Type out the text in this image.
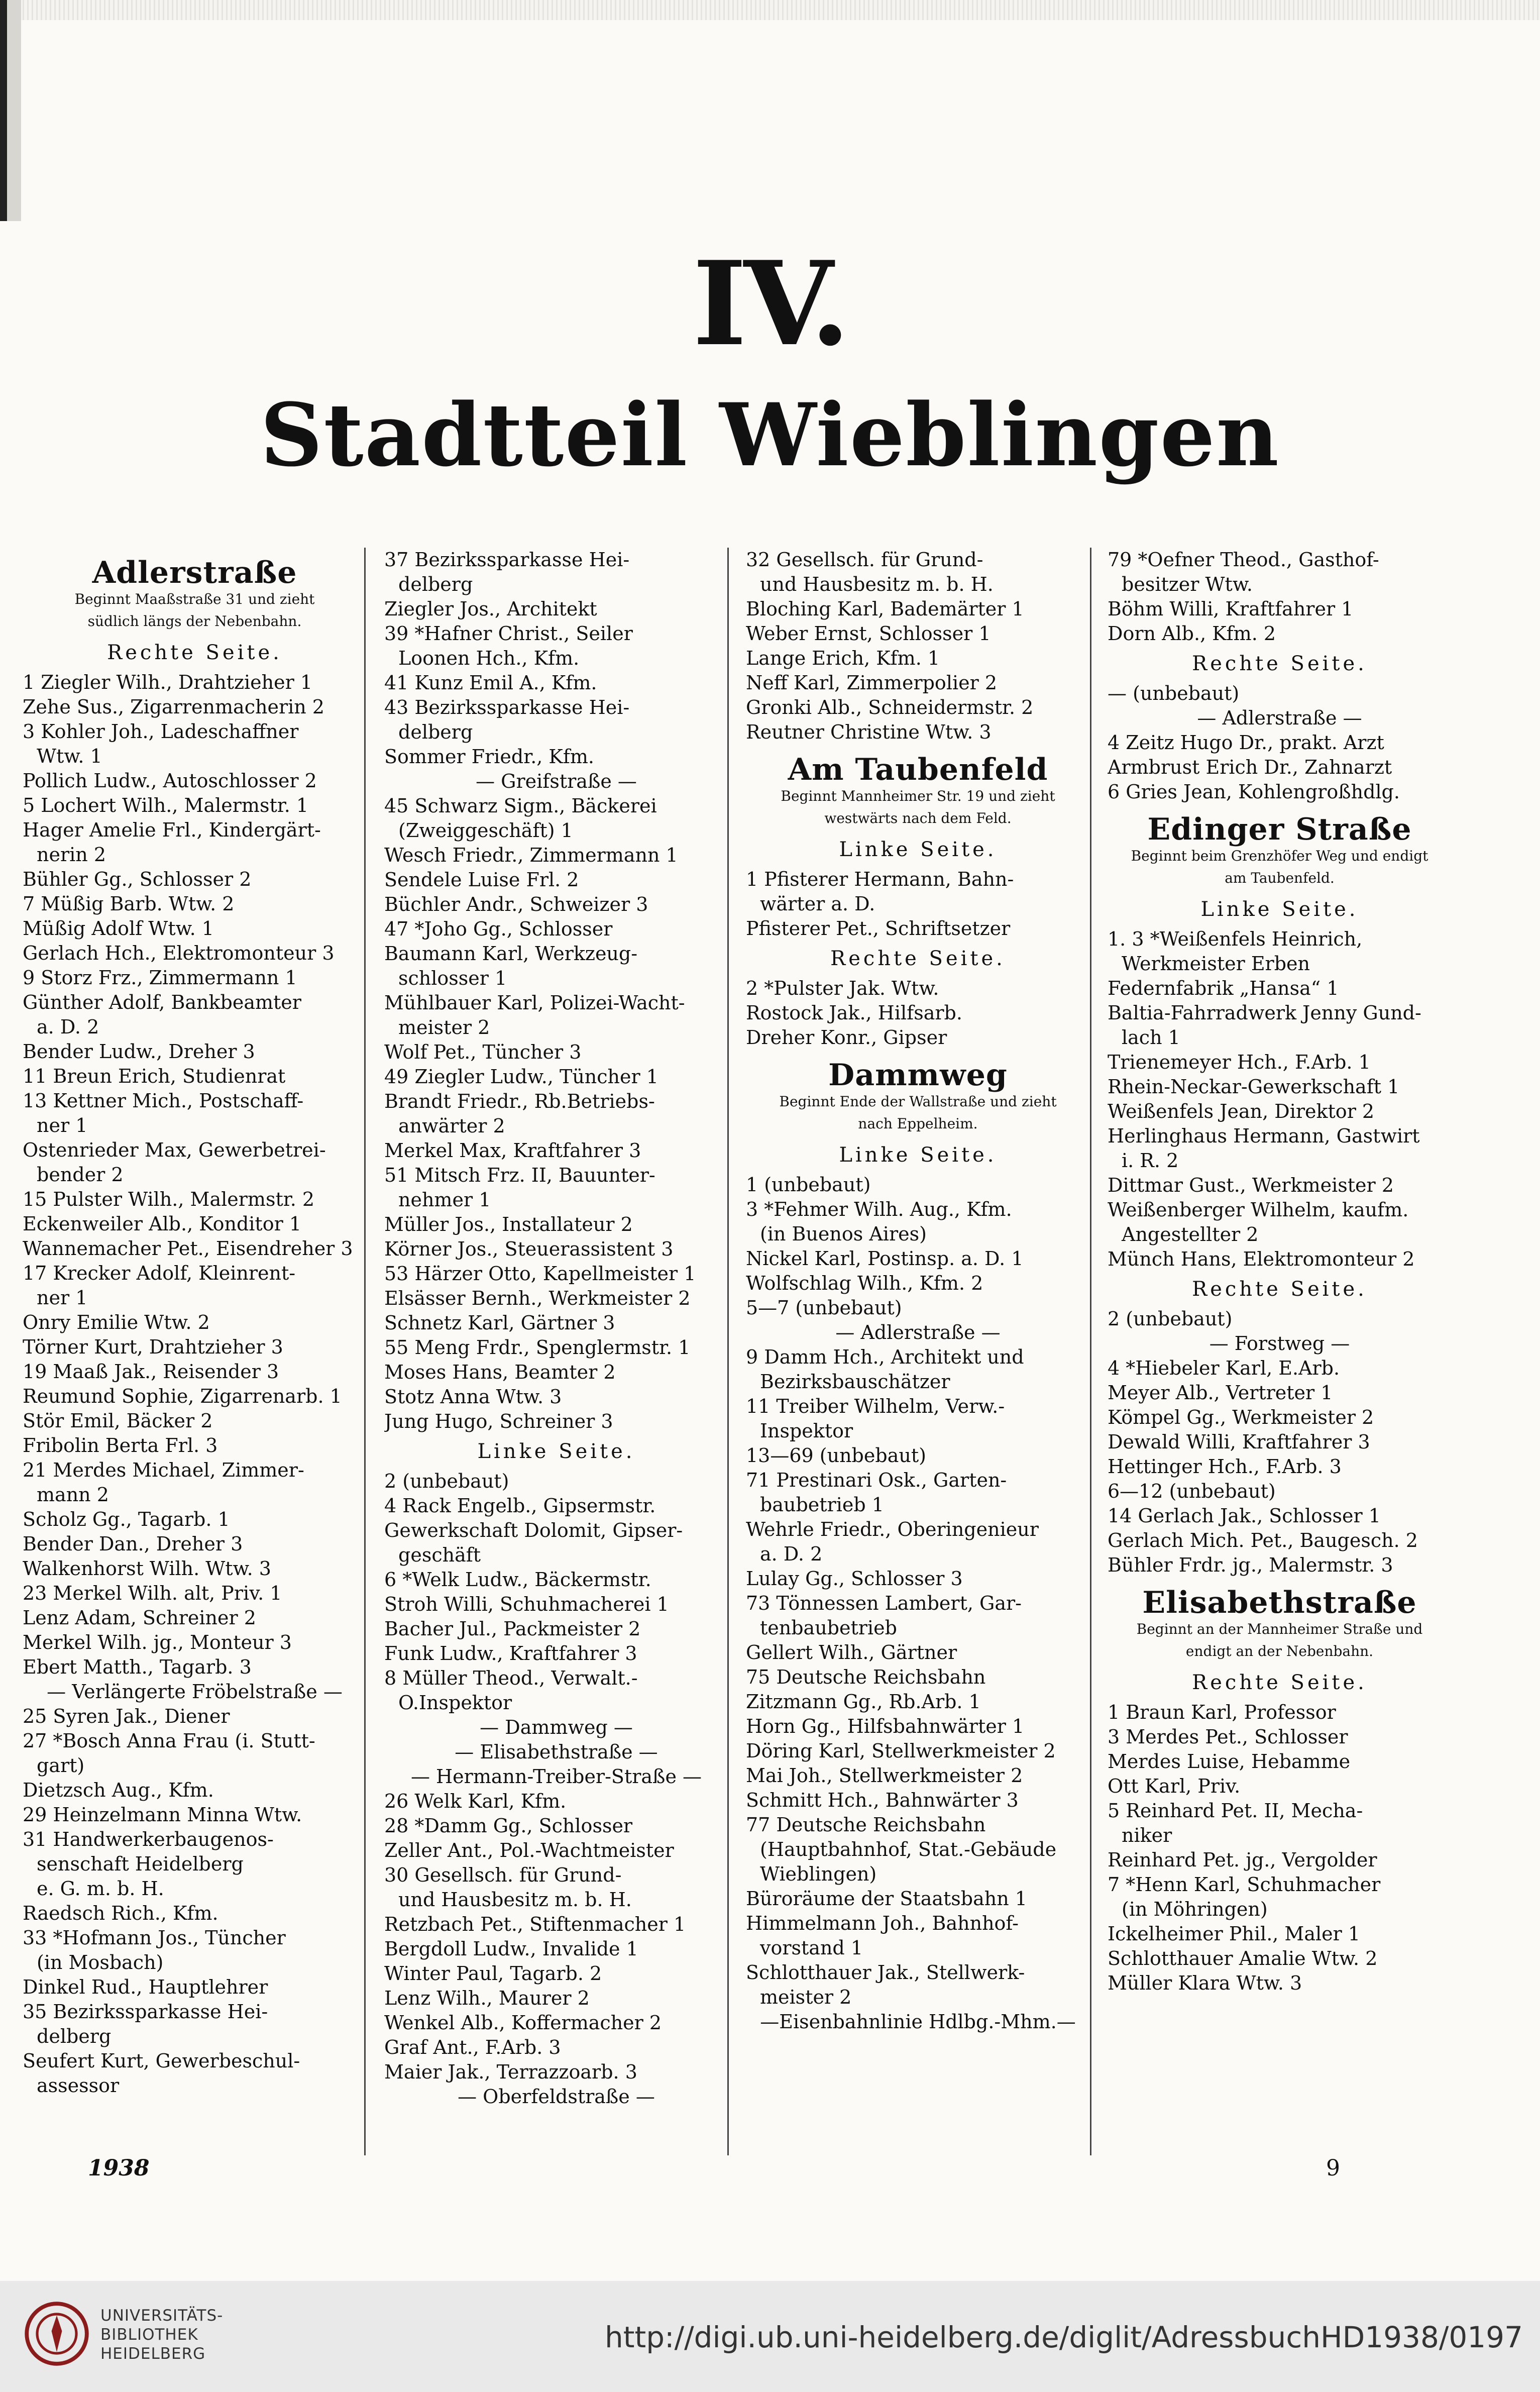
IV.
Stadtteil Wieblingen
Adlerstraße
Beginnt Maaßstraße 31 und zieht
südlich längs der Nebenbahn.
Rechte Seite.
1 Ziegler Wilh., Drahtzieher 1
Zehe Sus., Zigarrenmacherin 2
3 Kohler Joh., Ladeschaffner
Wtw. 1
Pollich Ludw., Autoschlosser 2
5 Lochert Wilh., Malermstr. 1
Hager Amelie Frl., Kindergärt-
nerin 2
Bühler Gg., Schlosser 2
7 Müßig Barb. Wtw. 2
Müßig Adolf Wtw. 1
Gerlach Hch., Elektromonteur 3
9 Storz Frz., Zimmermann 1
Günther Adolf, Bankbeamter
a. D. 2
Bender Ludw., Dreher 3
11 Breun Erich, Studienrat
13 Kettner Mich., Postschaff-
ner 1
Ostenrieder Max, Gewerbetrei-
bender 2
15 Pulster Wilh., Malermstr. 2
Eckenweiler Alb., Konditor 1
Wannemacher Pet., Eisendreher 3
17 Krecker Adolf, Kleinrent-
ner 1
Onry Emilie Wtw. 2
Törner Kurt, Drahtzieher 3
19 Maaß Jak., Reisender 3
Reumund Sophie, Zigarrenarb. 1
Stör Emil, Bäcker 2
Fribolin Berta Frl. 3
21 Merdes Michael, Zimmer-
mann 2
Scholz Gg., Tagarb. 1
Bender Dan., Dreher 3
Walkenhorst Wilh. Wtw. 3
23 Merkel Wilh. alt, Priv. 1
Lenz Adam, Schreiner 2
Merkel Wilh. jg., Monteur 3
Ebert Matth., Tagarb. 3
— Verlängerte Fröbelstraße —
25 Syren Jak., Diener
27 *Bosch Anna Frau (i. Stutt-
gart)
Dietzsch Aug., Kfm.
29 Heinzelmann Minna Wtw.
31 Handwerkerbaugenos-
senschaft Heidelberg
e. G. m. b. H.
Raedsch Rich., Kfm.
33 *Hofmann Jos., Tüncher
(in Mosbach)
Dinkel Rud., Hauptlehrer
35 Bezirkssparkasse Hei-
delberg
Seufert Kurt, Gewerbeschul-
assessor
37 Bezirkssparkasse Hei-
delberg
Ziegler Jos., Architekt
39 *Hafner Christ., Seiler
Loonen Hch., Kfm.
41 Kunz Emil A., Kfm.
43 Bezirkssparkasse Hei-
delberg
Sommer Friedr., Kfm.
— Greifstraße —
45 Schwarz Sigm., Bäckerei
(Zweiggeschäft) 1
Wesch Friedr., Zimmermann 1
Sendele Luise Frl. 2
Büchler Andr., Schweizer 3
47 *Joho Gg., Schlosser
Baumann Karl, Werkzeug-
schlosser 1
Mühlbauer Karl, Polizei-Wacht-
meister 2
Wolf Pet., Tüncher 3
49 Ziegler Ludw., Tüncher 1
Brandt Friedr., Rb.Betriebs-
anwärter 2
Merkel Max, Kraftfahrer 3
51 Mitsch Frz. II, Bauunter-
nehmer 1
Müller Jos., Installateur 2
Körner Jos., Steuerassistent 3
53 Härzer Otto, Kapellmeister 1
Elsässer Bernh., Werkmeister 2
Schnetz Karl, Gärtner 3
55 Meng Frdr., Spenglermstr. 1
Moses Hans, Beamter 2
Stotz Anna Wtw. 3
Jung Hugo, Schreiner 3
Linke Seite.
2 (unbebaut)
4 Rack Engelb., Gipsermstr.
Gewerkschaft Dolomit, Gipser-
geschäft
6 *Welk Ludw., Bäckermstr.
Stroh Willi, Schuhmacherei 1
Bacher Jul., Packmeister 2
Funk Ludw., Kraftfahrer 3
8 Müller Theod., Verwalt.-
O.Inspektor
— Dammweg —
— Elisabethstraße —
— Hermann-Treiber-Straße —
26 Welk Karl, Kfm.
28 *Damm Gg., Schlosser
Zeller Ant., Pol.-Wachtmeister
30 Gesellsch. für Grund-
und Hausbesitz m. b. H.
Retzbach Pet., Stiftenmacher 1
Bergdoll Ludw., Invalide 1
Winter Paul, Tagarb. 2
Lenz Wilh., Maurer 2
Wenkel Alb., Koffermacher 2
Graf Ant., F.Arb. 3
Maier Jak., Terrazzoarb. 3
— Oberfeldstraße —
32 Gesellsch. für Grund-
und Hausbesitz m. b. H.
Bloching Karl, Bademärter 1
Weber Ernst, Schlosser 1
Lange Erich, Kfm. 1
Neff Karl, Zimmerpolier 2
Gronki Alb., Schneidermstr. 2
Reutner Christine Wtw. 3
Am Taubenfeld
Beginnt Mannheimer Str. 19 und zieht
westwärts nach dem Feld.
Linke Seite.
1 Pfisterer Hermann, Bahn-
wärter a. D.
Pfisterer Pet., Schriftsetzer
Rechte Seite.
2 *Pulster Jak. Wtw.
Rostock Jak., Hilfsarb.
Dreher Konr., Gipser
Dammweg
Beginnt Ende der Wallstraße und zieht
nach Eppelheim.
Linke Seite.
1 (unbebaut)
3 *Fehmer Wilh. Aug., Kfm.
(in Buenos Aires)
Nickel Karl, Postinsp. a. D. 1
Wolfschlag Wilh., Kfm. 2
5—7 (unbebaut)
— Adlerstraße —
9 Damm Hch., Architekt und
Bezirksbauschätzer
11 Treiber Wilhelm, Verw.-
Inspektor
13—69 (unbebaut)
71 Prestinari Osk., Garten-
baubetrieb 1
Wehrle Friedr., Oberingenieur
a. D. 2
Lulay Gg., Schlosser 3
73 Tönnessen Lambert, Gar-
tenbaubetrieb
Gellert Wilh., Gärtner
75 Deutsche Reichsbahn
Zitzmann Gg., Rb.Arb. 1
Horn Gg., Hilfsbahnwärter 1
Döring Karl, Stellwerkmeister 2
Mai Joh., Stellwerkmeister 2
Schmitt Hch., Bahnwärter 3
77 Deutsche Reichsbahn
(Hauptbahnhof, Stat.-Gebäude
Wieblingen)
Büroräume der Staatsbahn 1
Himmelmann Joh., Bahnhof-
vorstand 1
Schlotthauer Jak., Stellwerk-
meister 2
—Eisenbahnlinie Hdlbg.-Mhm.—
79 *Oefner Theod., Gasthof-
besitzer Wtw.
Böhm Willi, Kraftfahrer 1
Dorn Alb., Kfm. 2
Rechte Seite.
— (unbebaut)
— Adlerstraße —
4 Zeitz Hugo Dr., prakt. Arzt
Armbrust Erich Dr., Zahnarzt
6 Gries Jean, Kohlengroßhdlg.
Edinger Straße
Beginnt beim Grenzhöfer Weg und endigt
am Taubenfeld.
Linke Seite.
1. 3 *Weißenfels Heinrich,
Werkmeister Erben
Federnfabrik „Hansa“ 1
Baltia-Fahrradwerk Jenny Gund-
lach 1
Trienemeyer Hch., F.Arb. 1
Rhein-Neckar-Gewerkschaft 1
Weißenfels Jean, Direktor 2
Herlinghaus Hermann, Gastwirt
i. R. 2
Dittmar Gust., Werkmeister 2
Weißenberger Wilhelm, kaufm.
Angestellter 2
Münch Hans, Elektromonteur 2
Rechte Seite.
2 (unbebaut)
— Forstweg —
4 *Hiebeler Karl, E.Arb.
Meyer Alb., Vertreter 1
Kömpel Gg., Werkmeister 2
Dewald Willi, Kraftfahrer 3
Hettinger Hch., F.Arb. 3
6—12 (unbebaut)
14 Gerlach Jak., Schlosser 1
Gerlach Mich. Pet., Baugesch. 2
Bühler Frdr. jg., Malermstr. 3
Elisabethstraße
Beginnt an der Mannheimer Straße und
endigt an der Nebenbahn.
Rechte Seite.
1 Braun Karl, Professor
3 Merdes Pet., Schlosser
Merdes Luise, Hebamme
Ott Karl, Priv.
5 Reinhard Pet. II, Mecha-
niker
Reinhard Pet. jg., Vergolder
7 *Henn Karl, Schuhmacher
(in Möhringen)
Ickelheimer Phil., Maler 1
Schlotthauer Amalie Wtw. 2
Müller Klara Wtw. 3
1938	9
UNIVERSITÄTS-
BIBLIOTHEK
HEIDELBERG	http://digi.ub.uni-heidelberg.de/diglit/AdressbuchHD1938/0197
